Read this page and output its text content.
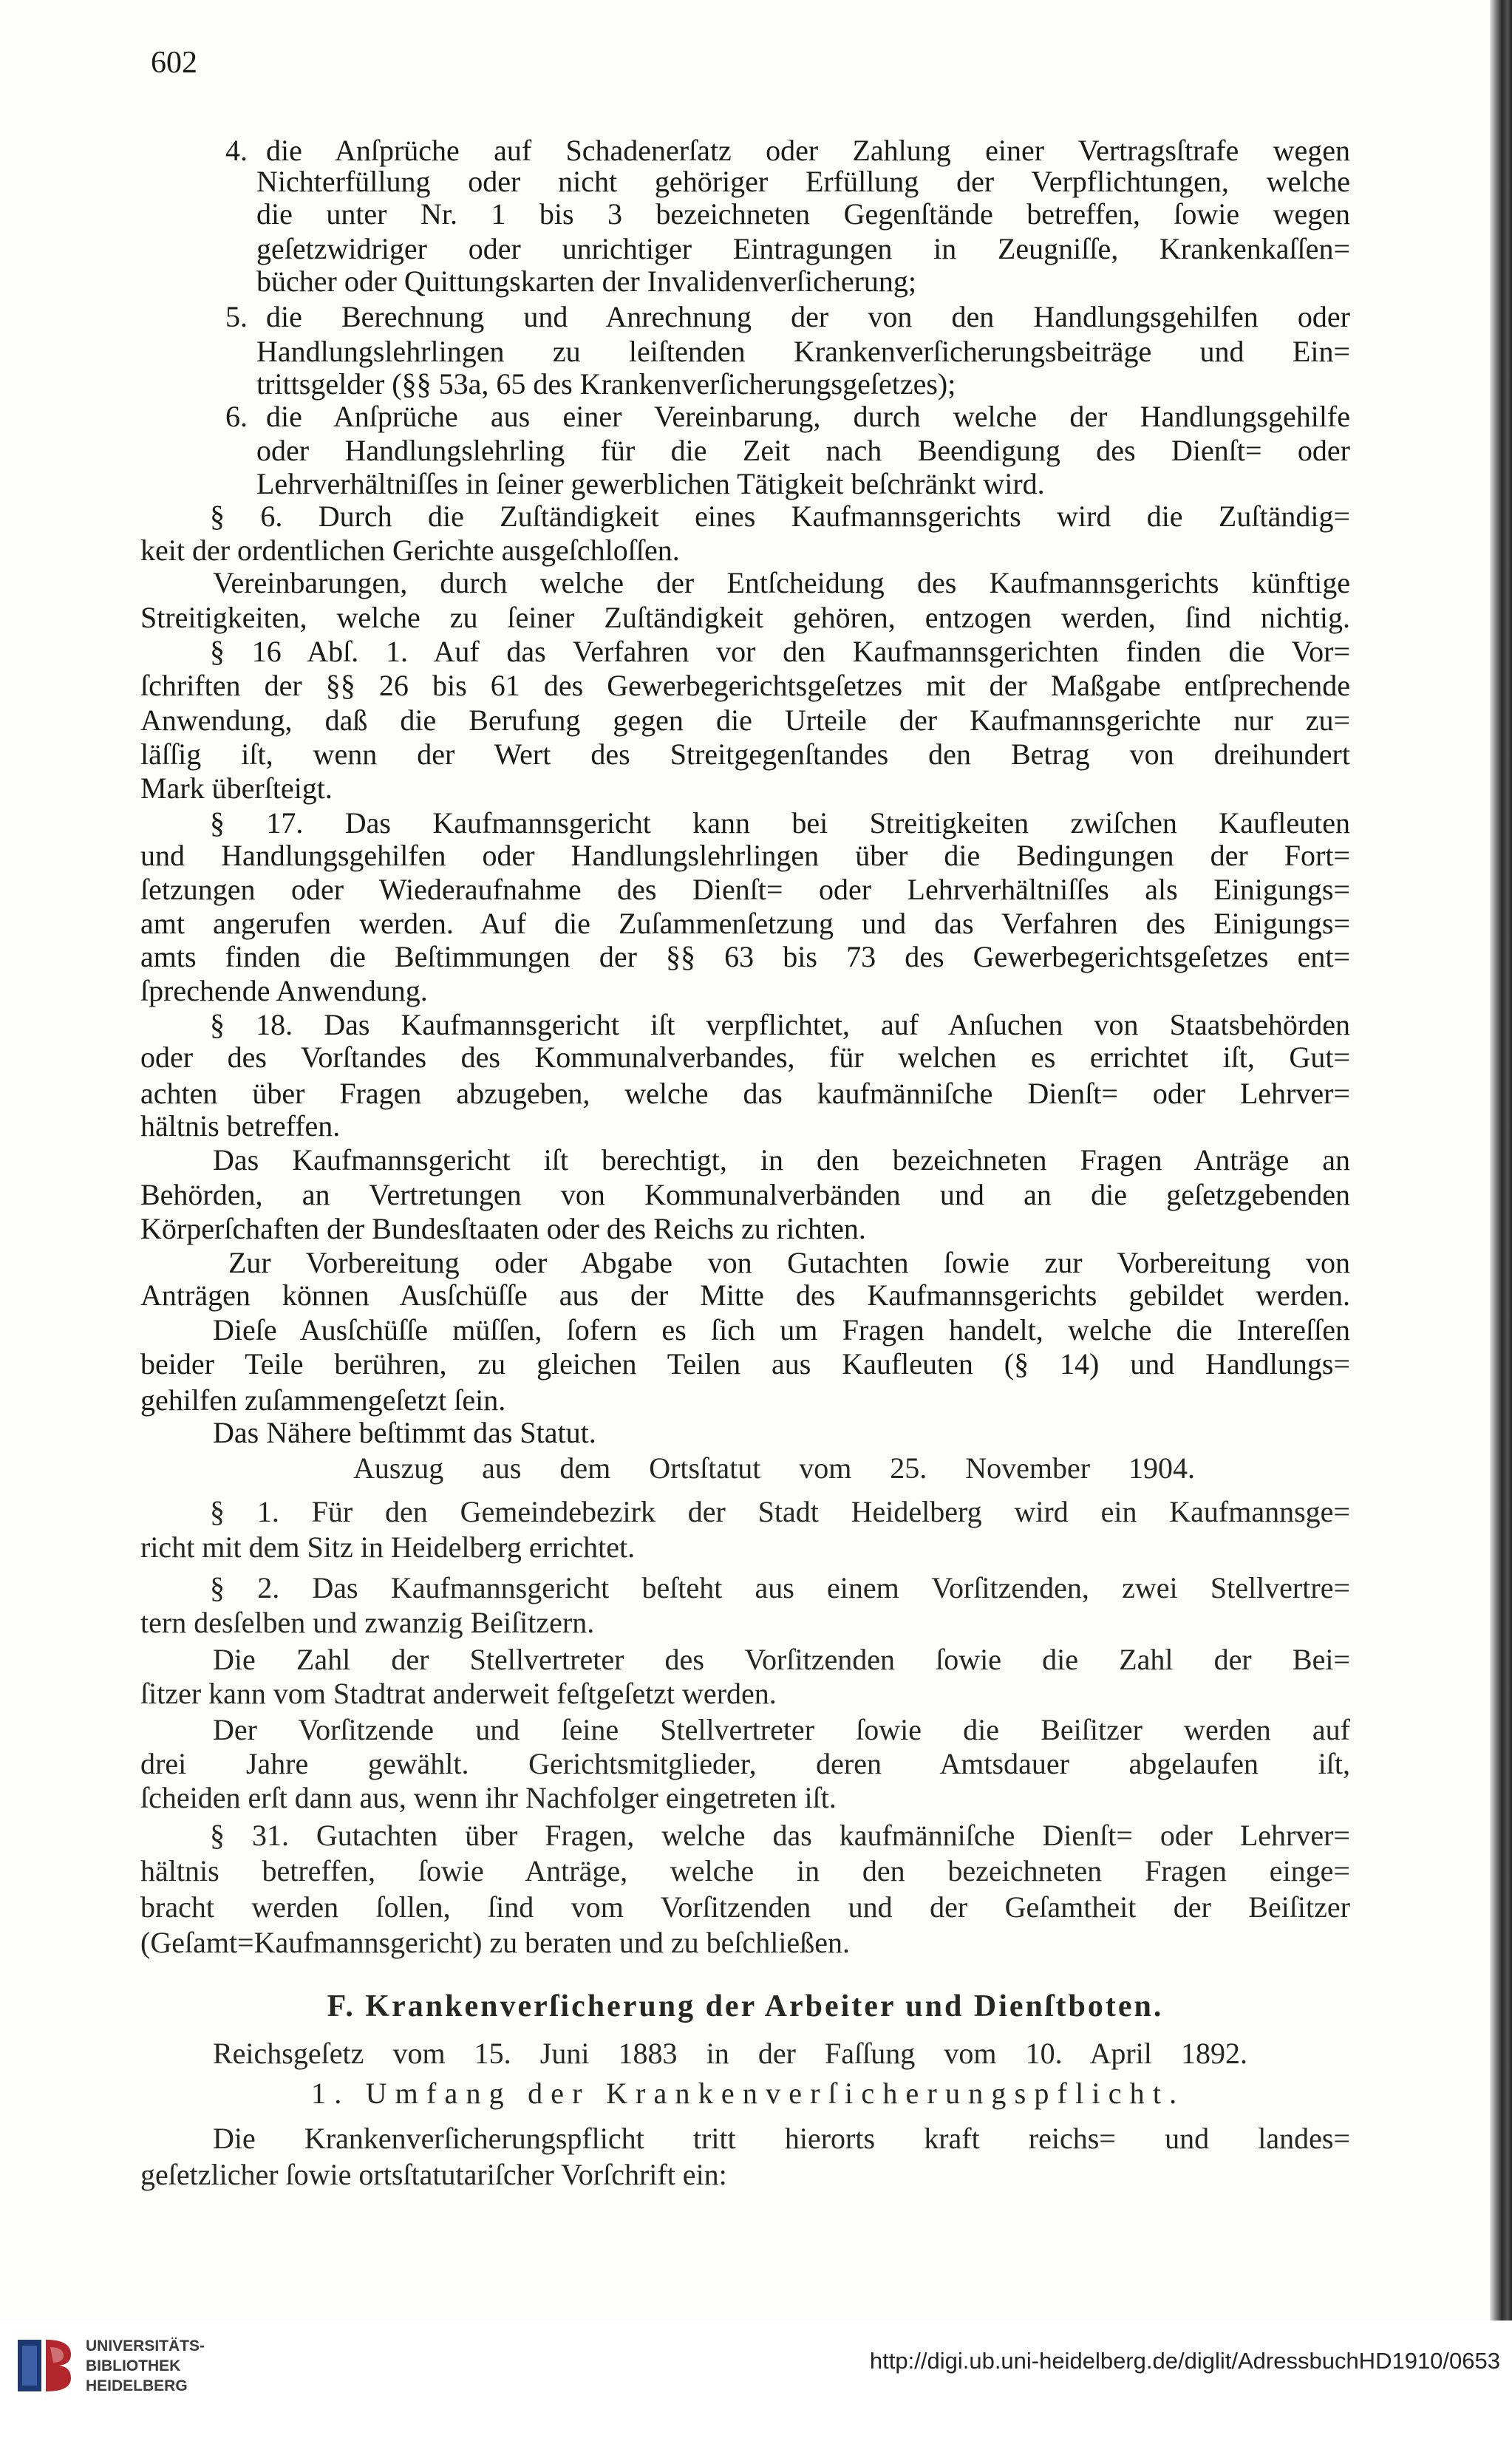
602
4. die Anſprüche auf Schadenerſatz oder Zahlung einer Vertragsſtrafe wegen
Nichterfüllung oder nicht gehöriger Erfüllung der Verpflichtungen, welche
die unter Nr. 1 bis 3 bezeichneten Gegenſtände betreffen, ſowie wegen
geſetzwidriger oder unrichtiger Eintragungen in Zeugniſſe, Krankenkaſſen=
bücher oder Quittungskarten der Invalidenverſicherung;
5. die Berechnung und Anrechnung der von den Handlungsgehilfen oder
Handlungslehrlingen zu leiſtenden Krankenverſicherungsbeiträge und Ein=
trittsgelder (§§ 53a, 65 des Krankenverſicherungsgeſetzes);
6. die Anſprüche aus einer Vereinbarung, durch welche der Handlungsgehilfe
oder Handlungslehrling für die Zeit nach Beendigung des Dienſt= oder
Lehrverhältniſſes in ſeiner gewerblichen Tätigkeit beſchränkt wird.
§ 6. Durch die Zuſtändigkeit eines Kaufmannsgerichts wird die Zuſtändig=
keit der ordentlichen Gerichte ausgeſchloſſen.
Vereinbarungen, durch welche der Entſcheidung des Kaufmannsgerichts künftige
Streitigkeiten, welche zu ſeiner Zuſtändigkeit gehören, entzogen werden, ſind nichtig.
§ 16 Abſ. 1. Auf das Verfahren vor den Kaufmannsgerichten finden die Vor=
ſchriften der §§ 26 bis 61 des Gewerbegerichtsgeſetzes mit der Maßgabe entſprechende
Anwendung, daß die Berufung gegen die Urteile der Kaufmannsgerichte nur zu=
läſſig iſt, wenn der Wert des Streitgegenſtandes den Betrag von dreihundert
Mark überſteigt.
§ 17. Das Kaufmannsgericht kann bei Streitigkeiten zwiſchen Kaufleuten
und Handlungsgehilfen oder Handlungslehrlingen über die Bedingungen der Fort=
ſetzungen oder Wiederaufnahme des Dienſt= oder Lehrverhältniſſes als Einigungs=
amt angerufen werden. Auf die Zuſammenſetzung und das Verfahren des Einigungs=
amts finden die Beſtimmungen der §§ 63 bis 73 des Gewerbegerichtsgeſetzes ent=
ſprechende Anwendung.
§ 18. Das Kaufmannsgericht iſt verpflichtet, auf Anſuchen von Staatsbehörden
oder des Vorſtandes des Kommunalverbandes, für welchen es errichtet iſt, Gut=
achten über Fragen abzugeben, welche das kaufmänniſche Dienſt= oder Lehrver=
hältnis betreffen.
Das Kaufmannsgericht iſt berechtigt, in den bezeichneten Fragen Anträge an
Behörden, an Vertretungen von Kommunalverbänden und an die geſetzgebenden
Körperſchaften der Bundesſtaaten oder des Reichs zu richten.
Zur Vorbereitung oder Abgabe von Gutachten ſowie zur Vorbereitung von
Anträgen können Ausſchüſſe aus der Mitte des Kaufmannsgerichts gebildet werden.
Dieſe Ausſchüſſe müſſen, ſofern es ſich um Fragen handelt, welche die Intereſſen
beider Teile berühren, zu gleichen Teilen aus Kaufleuten (§ 14) und Handlungs=
gehilfen zuſammengeſetzt ſein.
Das Nähere beſtimmt das Statut.
Auszug aus dem Ortsſtatut vom 25. November 1904.
§ 1. Für den Gemeindebezirk der Stadt Heidelberg wird ein Kaufmannsge=
richt mit dem Sitz in Heidelberg errichtet.
§ 2. Das Kaufmannsgericht beſteht aus einem Vorſitzenden, zwei Stellvertre=
tern desſelben und zwanzig Beiſitzern.
Die Zahl der Stellvertreter des Vorſitzenden ſowie die Zahl der Bei=
ſitzer kann vom Stadtrat anderweit feſtgeſetzt werden.
Der Vorſitzende und ſeine Stellvertreter ſowie die Beiſitzer werden auf
drei Jahre gewählt. Gerichtsmitglieder, deren Amtsdauer abgelaufen iſt,
ſcheiden erſt dann aus, wenn ihr Nachfolger eingetreten iſt.
§ 31. Gutachten über Fragen, welche das kaufmänniſche Dienſt= oder Lehrver=
hältnis betreffen, ſowie Anträge, welche in den bezeichneten Fragen einge=
bracht werden ſollen, ſind vom Vorſitzenden und der Geſamtheit der Beiſitzer
(Geſamt=Kaufmannsgericht) zu beraten und zu beſchließen.
F. Krankenverſicherung der Arbeiter und Dienſtboten.
Reichsgeſetz vom 15. Juni 1883 in der Faſſung vom 10. April 1892.
1. Umfang der Krankenverſicherungspflicht.
Die Krankenverſicherungspflicht tritt hierorts kraft reichs= und landes=
geſetzlicher ſowie ortsſtatutariſcher Vorſchrift ein:
UNIVERSITÄTS-
BIBLIOTHEK
HEIDELBERG
http://digi.ub.uni-heidelberg.de/diglit/AdressbuchHD1910/0653
